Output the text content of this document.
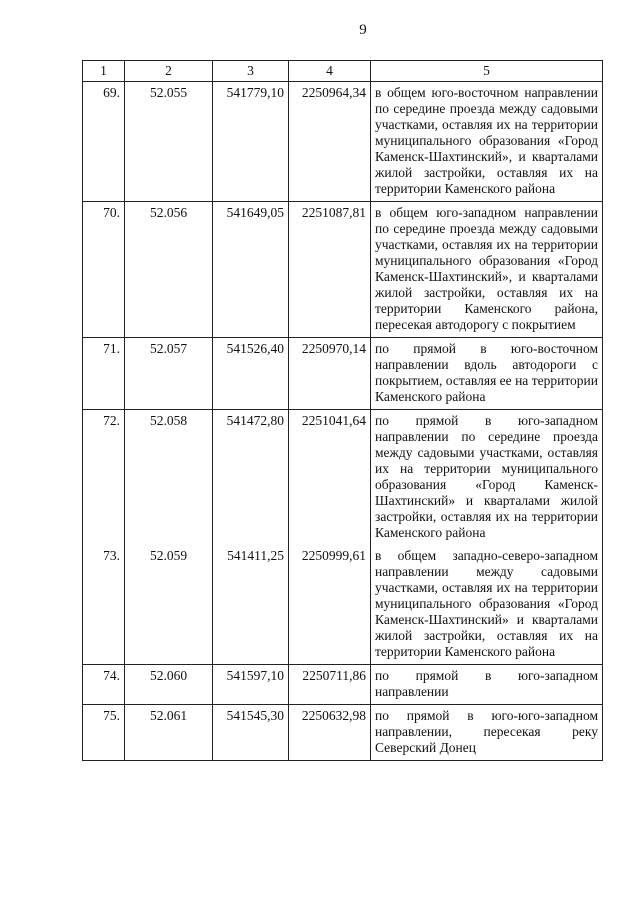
9
1	2	3	4	5
69.	52.055	541779,10	2250964,34	в общем юго-восточном направлении по середине проезда между садовыми участками, оставляя их на территории муниципального образования «Город Каменск-Шахтинский», и кварталами жилой застройки, оставляя их на территории Каменского района
70.	52.056	541649,05	2251087,81	в общем юго-западном направлении по середине проезда между садовыми участками, оставляя их на территории муниципального образования «Город Каменск-Шахтинский», и кварталами жилой застройки, оставляя их на территории Каменского района, пересекая автодорогу с покрытием
71.	52.057	541526,40	2250970,14	по прямой в юго-восточном направлении вдоль автодороги с покрытием, оставляя ее на территории Каменского района
72.	52.058	541472,80	2251041,64	по прямой в юго-западном направлении по середине проезда между садовыми участками, оставляя их на территории муниципального образования «Город Каменск-Шахтинский» и кварталами жилой застройки, оставляя их на территории Каменского района
73.	52.059	541411,25	2250999,61	в общем западно-северо-западном направлении между садовыми участками, оставляя их на территории муниципального образования «Город Каменск-Шахтинский» и кварталами жилой застройки, оставляя их на территории Каменского района
74.	52.060	541597,10	2250711,86	по прямой в юго-западном направлении
75.	52.061	541545,30	2250632,98	по прямой в юго-юго-западном направлении, пересекая реку Северский Донец
